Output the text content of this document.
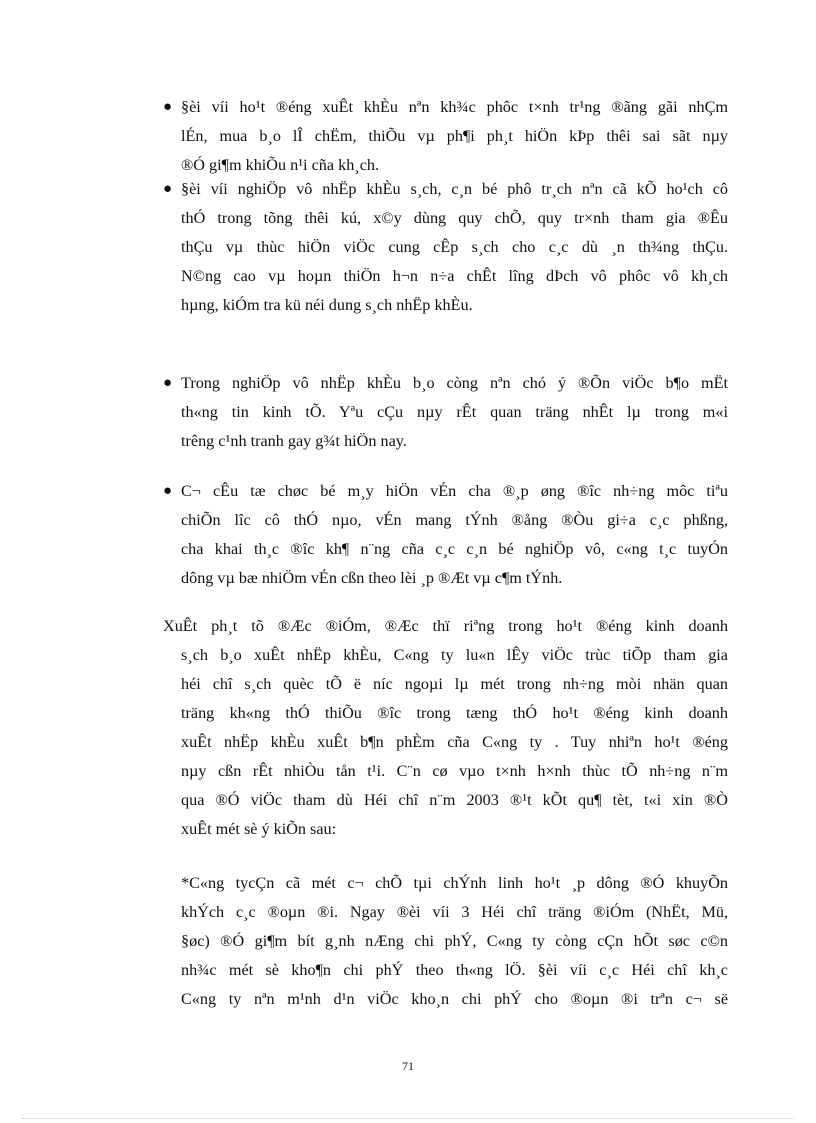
● §èi víi ho¹t ®éng xuÊt khÈu nªn kh¾c phôc t×nh tr¹ng ®ãng gãi nhÇm
lÉn, mua b¸o lÎ chËm, thiÕu vµ ph¶i ph¸t hiÖn kÞp thêi sai sãt nµy
®Ó gi¶m khiÕu n¹i cña kh¸ch.
● §èi víi nghiÖp vô nhËp khÈu s¸ch, c¸n bé phô tr¸ch nªn cã kÕ ho¹ch cô
thÓ trong tõng thêi kú, x©y dùng quy chÕ, quy tr×nh tham gia ®Êu
thÇu vµ thùc hiÖn viÖc cung cÊp s¸ch cho c¸c dù ¸n th¾ng thÇu.
N©ng cao vµ hoµn thiÖn h¬n n÷a chÊt lîng dÞch vô phôc vô kh¸ch
hµng, kiÓm tra kü néi dung s¸ch nhËp khÈu.
● Trong nghiÖp vô nhËp khÈu b¸o còng nªn chó ý ®Õn viÖc b¶o mËt
th«ng tin kinh tÕ. Yªu cÇu nµy rÊt quan träng nhÊt lµ trong m«i
trêng c¹nh tranh gay g¾t hiÖn nay.
● C¬ cÊu tæ chøc bé m¸y hiÖn vÉn cha ®¸p øng ®îc nh÷ng môc tiªu
chiÕn lîc cô thÓ nµo, vÉn mang tÝnh ®ång ®Òu gi÷a c¸c phßng,
cha khai th¸c ®îc kh¶ n¨ng cña c¸c c¸n bé nghiÖp vô, c«ng t¸c tuyÓn
dông vµ bæ nhiÖm vÉn cßn theo lèi ¸p ®Æt vµ c¶m tÝnh.
XuÊt ph¸t tõ ®Æc ®iÓm, ®Æc thï riªng trong ho¹t ®éng kinh doanh
s¸ch b¸o xuÊt nhËp khÈu, C«ng ty lu«n lÊy viÖc trùc tiÕp tham gia
héi chî s¸ch quèc tÕ ë níc ngoµi lµ mét trong nh÷ng mòi nhän quan
träng kh«ng thÓ thiÕu ®îc trong tæng thÓ ho¹t ®éng kinh doanh
xuÊt nhËp khÈu xuÊt b¶n phÈm cña C«ng ty . Tuy nhiªn ho¹t ®éng
nµy cßn rÊt nhiÒu tån t¹i. C¨n cø vµo t×nh h×nh thùc tÕ nh÷ng n¨m
qua ®Ó viÖc tham dù Héi chî n¨m 2003 ®¹t kÕt qu¶ tèt, t«i xin ®Ò
xuÊt mét sè ý kiÕn sau:
*C«ng tycÇn cã mét c¬ chÕ tµi chÝnh linh ho¹t ¸p dông ®Ó khuyÕn
khÝch c¸c ®oµn ®i. Ngay ®èi víi 3 Héi chî träng ®iÓm (NhËt, Mü,
§øc) ®Ó gi¶m bít g¸nh nÆng chi phÝ, C«ng ty còng cÇn hÕt søc c©n
nh¾c mét sè kho¶n chi phÝ theo th«ng lÖ. §èi víi c¸c Héi chî kh¸c
C«ng ty nªn m¹nh d¹n viÖc kho¸n chi phÝ cho ®oµn ®i trªn c¬ së
71
